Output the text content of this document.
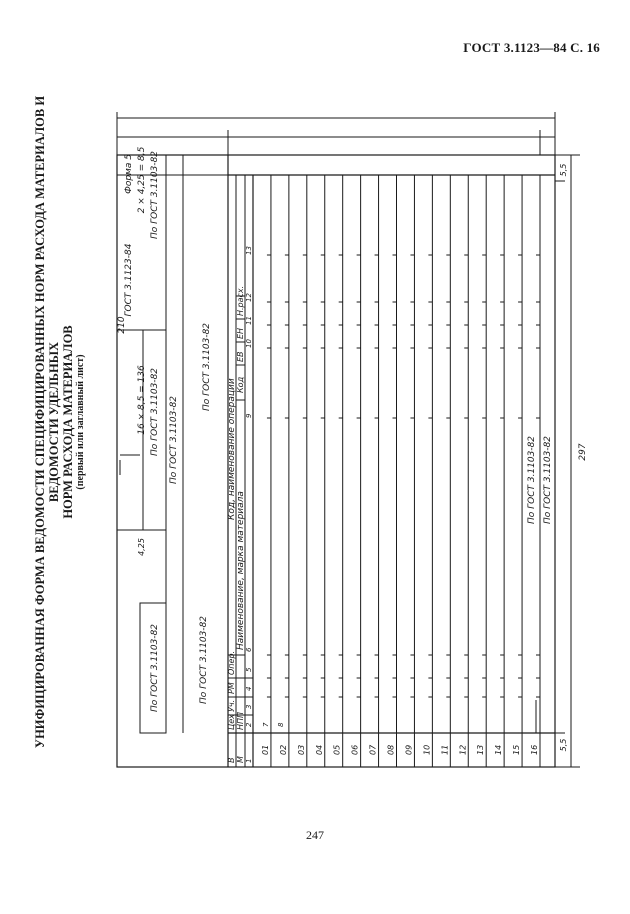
ГОСТ 3.1123—84 С. 16
УНИФИЦИРОВАННАЯ ФОРМА ВЕДОМОСТИ СПЕЦИФИЦИРОВАННЫХ НОРМ РАСХОДА МАТЕРИАЛОВ И ВЕДОМОСТИ УДЕЛЬНЫХ НОРМ РАСХОДА МАТЕРИАЛОВ (первый или заглавный лист)
01 02 03 04 05 06 07 08 09 10 11 12 13 14 15 16
210
2 × 4,25 = 8,5
16 × 8,5 = 136
4,25
297
5,5
5,5
Форма 5
ГОСТ 3.1123-84
По ГОСТ 3.1103-82
По ГОСТ 3.1103-82 По ГОСТ 3.1103-82
По ГОСТ 3.1103-82
По ГОСТ 3.1103-82
По ГОСТ 3.1103-82
По ГОСТ 3.1103-82 По ГОСТ 3.1103-82
В М
Цех
Уч.
РМ
Опер.
НПП
Наименование, марка материала
Код, наименование операции Код
ЕВ
ЕН
Н.расх.
1
2
3
4
5
6
9
10
11
12
13
7 8
247
